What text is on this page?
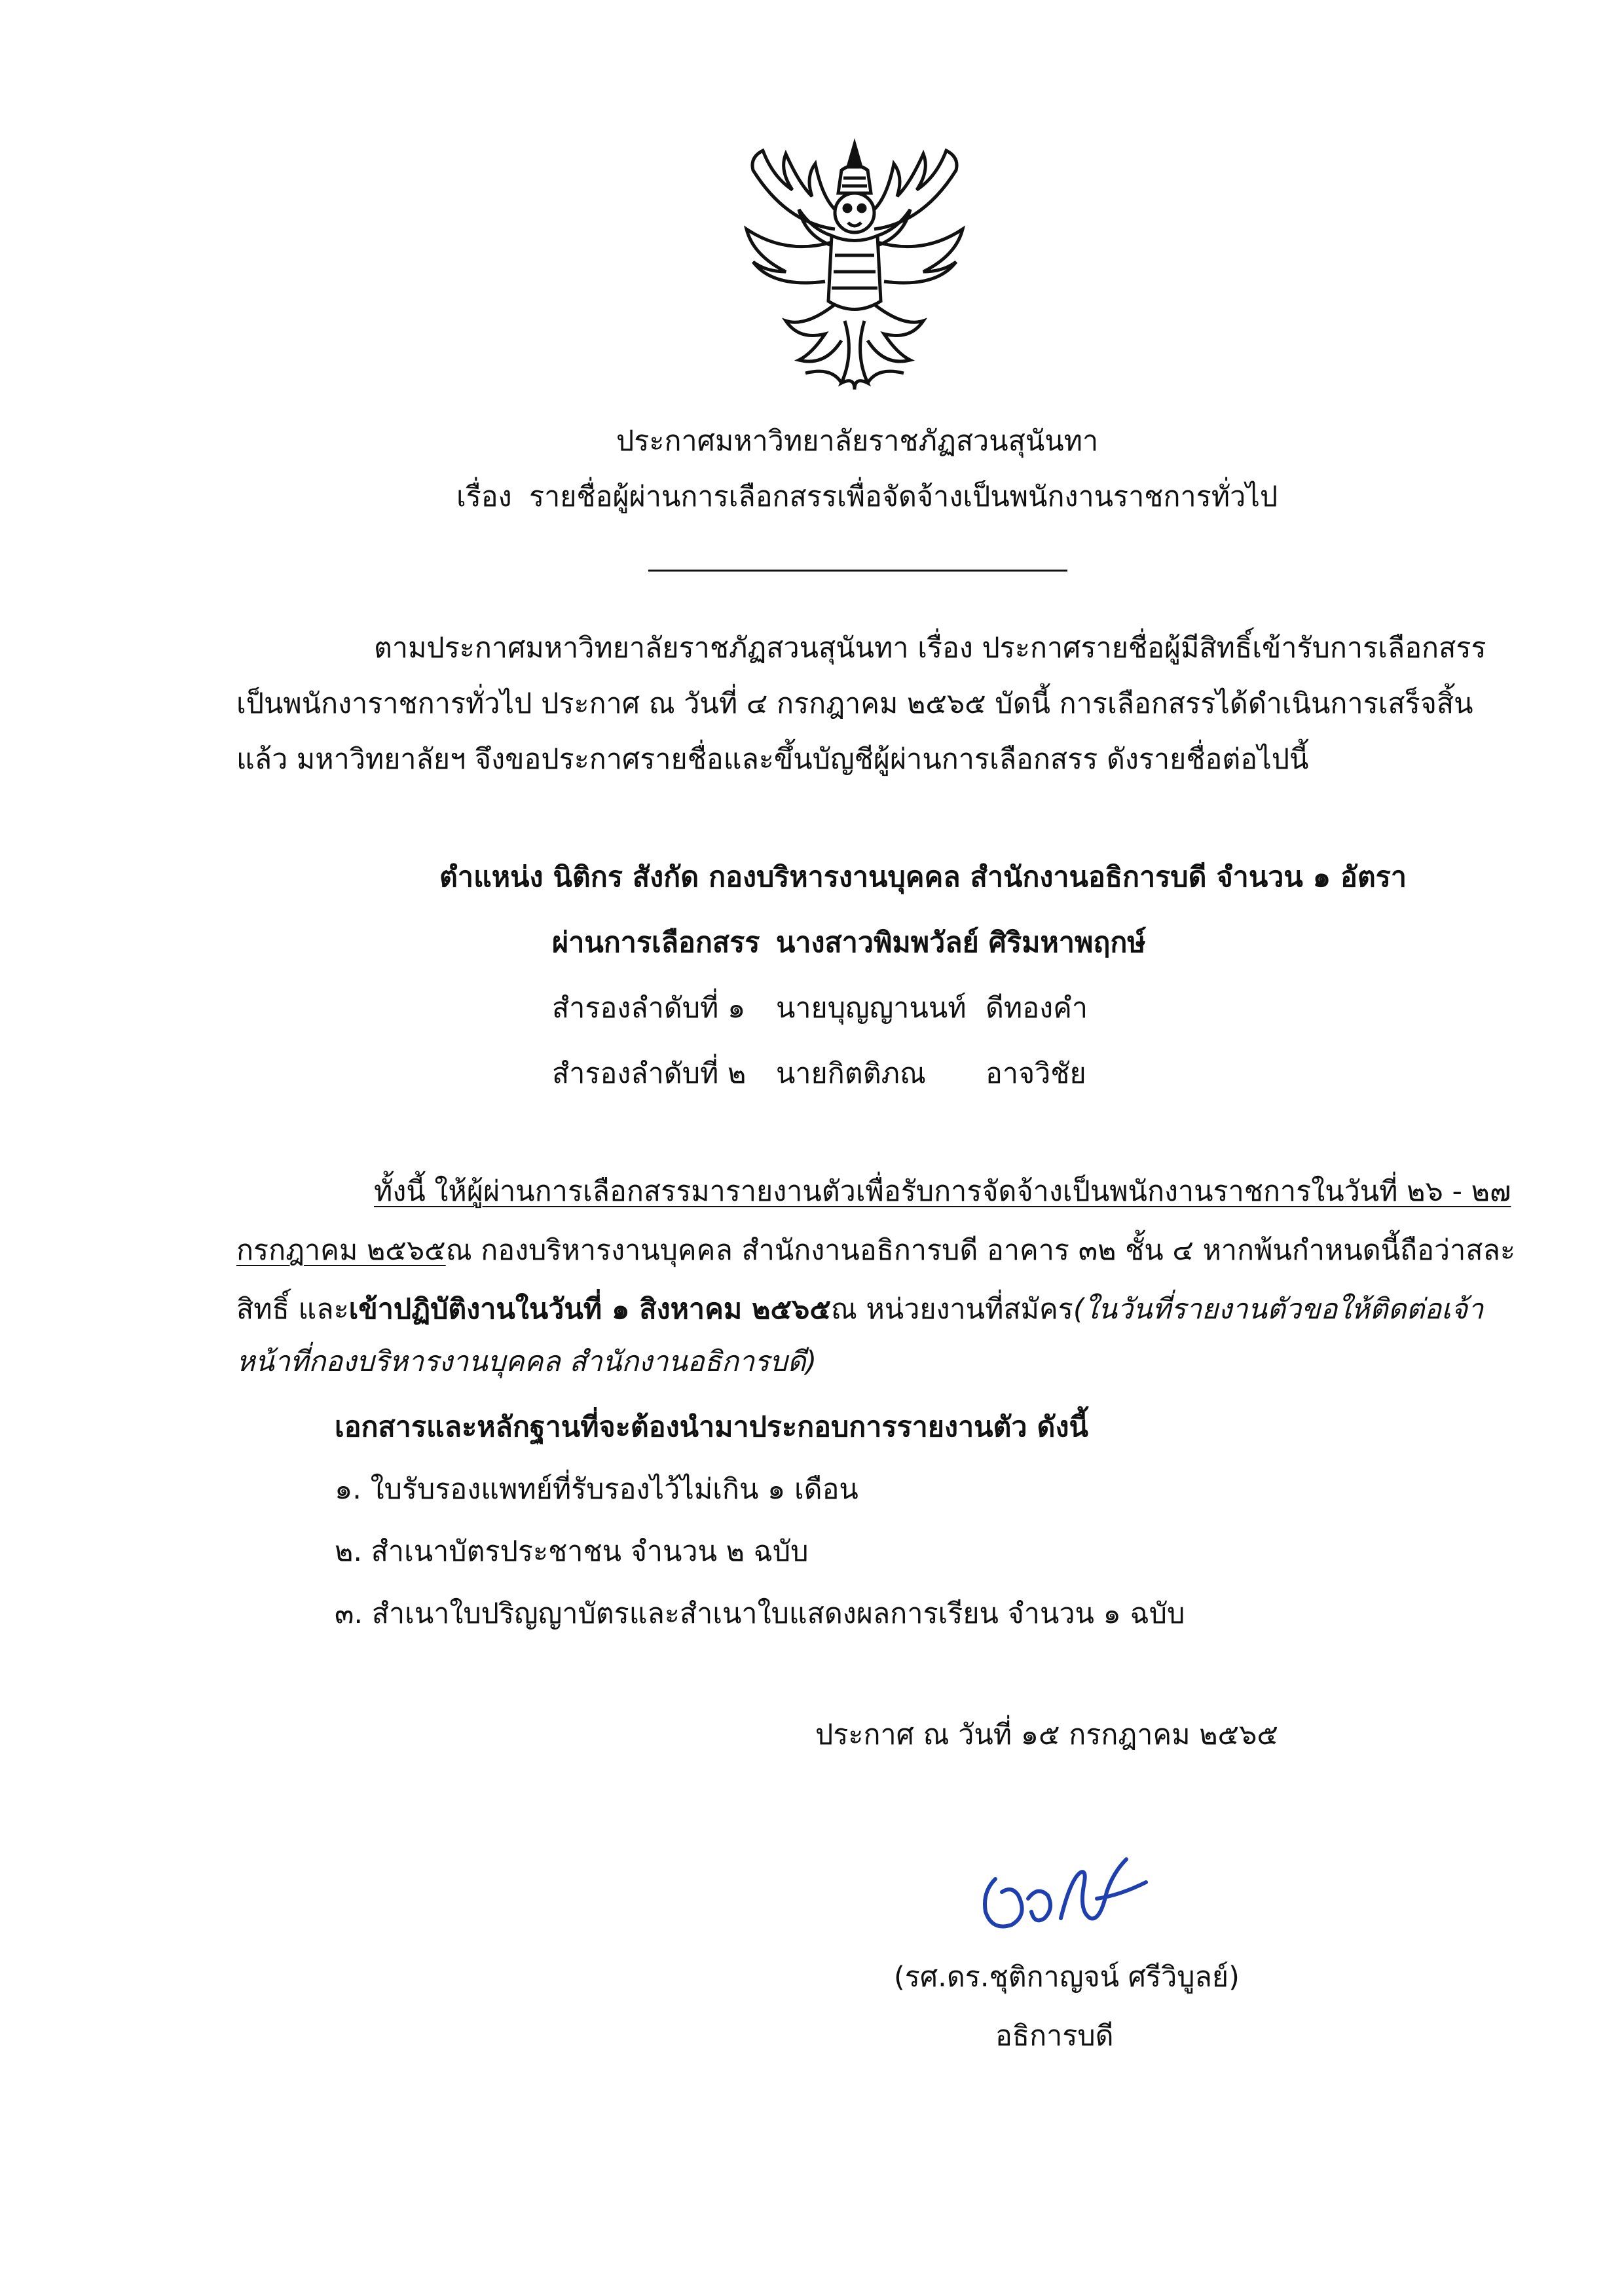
ประกาศมหาวิทยาลัยราชภัฏสวนสุนันทา
เรื่อง รายชื่อผู้ผ่านการเลือกสรรเพื่อจัดจ้างเป็นพนักงานราชการทั่วไป
ตามประกาศมหาวิทยาลัยราชภัฏสวนสุนันทา เรื่อง ประกาศรายชื่อผู้มีสิทธิ์เข้ารับการเลือกสรร
เป็นพนักงาราชการทั่วไป ประกาศ ณ วันที่ ๔ กรกฎาคม ๒๕๖๕ บัดนี้ การเลือกสรรได้ดำเนินการเสร็จสิ้น
แล้ว มหาวิทยาลัยฯ จึงขอประกาศรายชื่อและขึ้นบัญชีผู้ผ่านการเลือกสรร ดังรายชื่อต่อไปนี้
ตำแหน่ง นิติกร สังกัด กองบริหารงานบุคคล สำนักงานอธิการบดี จำนวน ๑ อัตรา
ผ่านการเลือกสรร นางสาวพิมพวัลย์ ศิริมหาพฤกษ์
สำรองลำดับที่ ๑ นายบุญญานนท์ ดีทองคำ
สำรองลำดับที่ ๒ นายกิตติภณ อาจวิชัย
ทั้งนี้ ให้ผู้ผ่านการเลือกสรรมารายงานตัวเพื่อรับการจัดจ้างเป็นพนักงานราชการในวันที่ ๒๖ - ๒๗
กรกฎาคม ๒๕๖๕ณ กองบริหารงานบุคคล สำนักงานอธิการบดี อาคาร ๓๒ ชั้น ๔ หากพ้นกำหนดนี้ถือว่าสละ
สิทธิ์ และเข้าปฏิบัติงานในวันที่ ๑ สิงหาคม ๒๕๖๕ณ หน่วยงานที่สมัคร(ในวันที่รายงานตัวขอให้ติดต่อเจ้า
หน้าที่กองบริหารงานบุคคล สำนักงานอธิการบดี)
เอกสารและหลักฐานที่จะต้องนำมาประกอบการรายงานตัว ดังนี้
๑. ใบรับรองแพทย์ที่รับรองไว้ไม่เกิน ๑ เดือน
๒. สำเนาบัตรประชาชน จำนวน ๒ ฉบับ
๓. สำเนาใบปริญญาบัตรและสำเนาใบแสดงผลการเรียน จำนวน ๑ ฉบับ
ประกาศ ณ วันที่ ๑๕ กรกฎาคม ๒๕๖๕
(รศ.ดร.ชุติกาญจน์ ศรีวิบูลย์)
อธิการบดี
